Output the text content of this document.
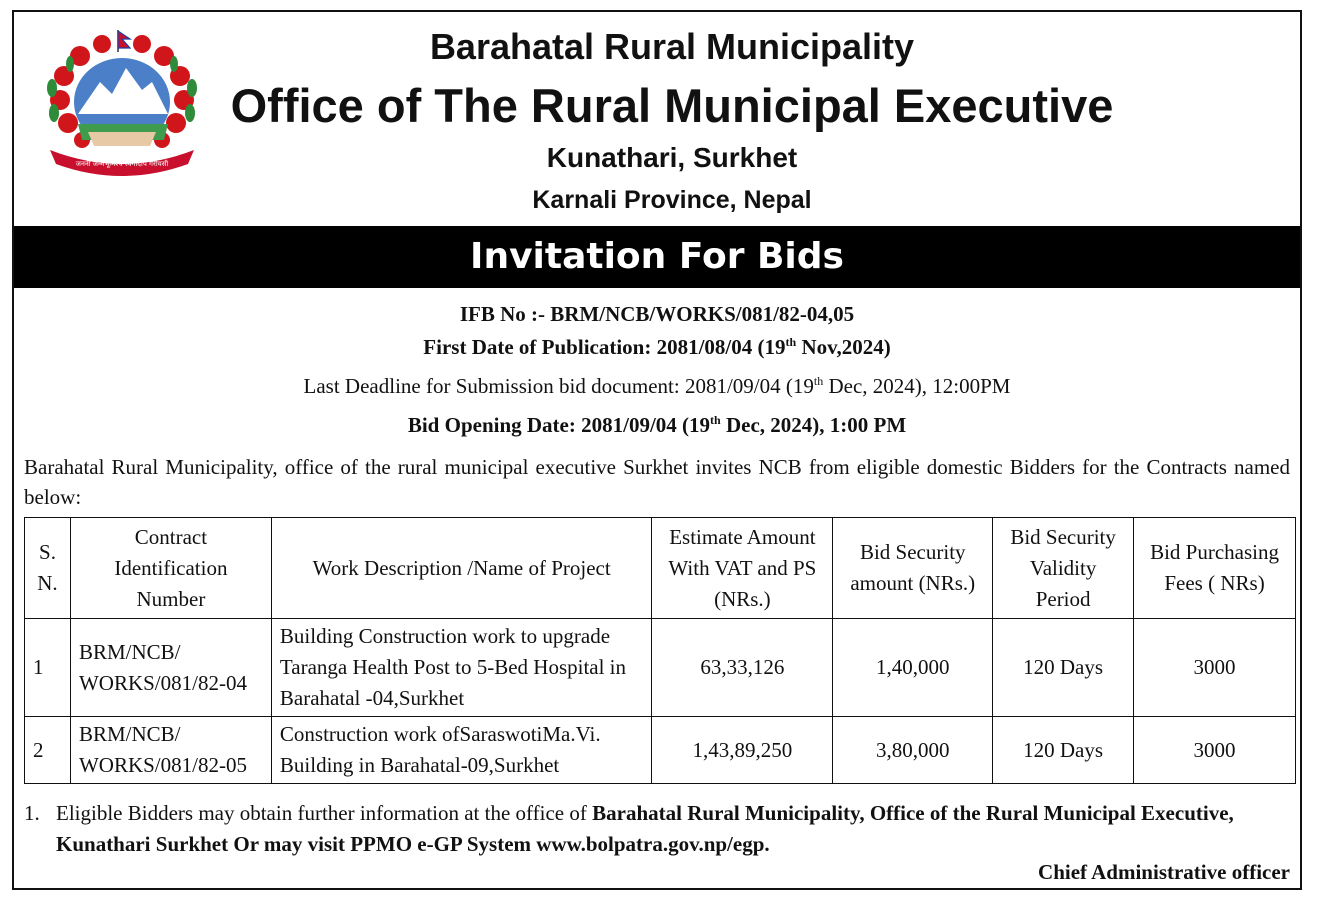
जननी जन्मभूमिश्च स्वर्गादपि गरीयसी
Barahatal Rural Municipality
Office of The Rural Municipal Executive
Kunathari, Surkhet
Karnali Province, Nepal
Invitation For Bids
IFB No :- BRM/NCB/WORKS/081/82-04,05
First Date of Publication: 2081/08/04 (19th Nov,2024)
Last Deadline for Submission bid document: 2081/09/04 (19th Dec, 2024), 12:00PM
Bid Opening Date: 2081/09/04 (19th Dec, 2024), 1:00 PM
Barahatal Rural Municipality, office of the rural municipal executive Surkhet invites NCB from eligible domestic Bidders for the Contracts named below:
S. N.	Contract Identification Number	Work Description /Name of Project	Estimate Amount With VAT and PS (NRs.)	Bid Security amount (NRs.)	Bid Security Validity Period	Bid Purchasing Fees ( NRs)
1	BRM/NCB/ WORKS/081/82-04	Building Construction work to upgrade Taranga Health Post to 5-Bed Hospital in Barahatal -04,Surkhet	63,33,126	1,40,000	120 Days	3000
2	BRM/NCB/ WORKS/081/82-05	Construction work ofSaraswotiMa.Vi. Building in Barahatal-09,Surkhet	1,43,89,250	3,80,000	120 Days	3000
1. Eligible Bidders may obtain further information at the office of Barahatal Rural Municipality, Office of the Rural Municipal Executive, Kunathari Surkhet Or may visit PPMO e-GP System www.bolpatra.gov.np/egp.
Chief Administrative officer
